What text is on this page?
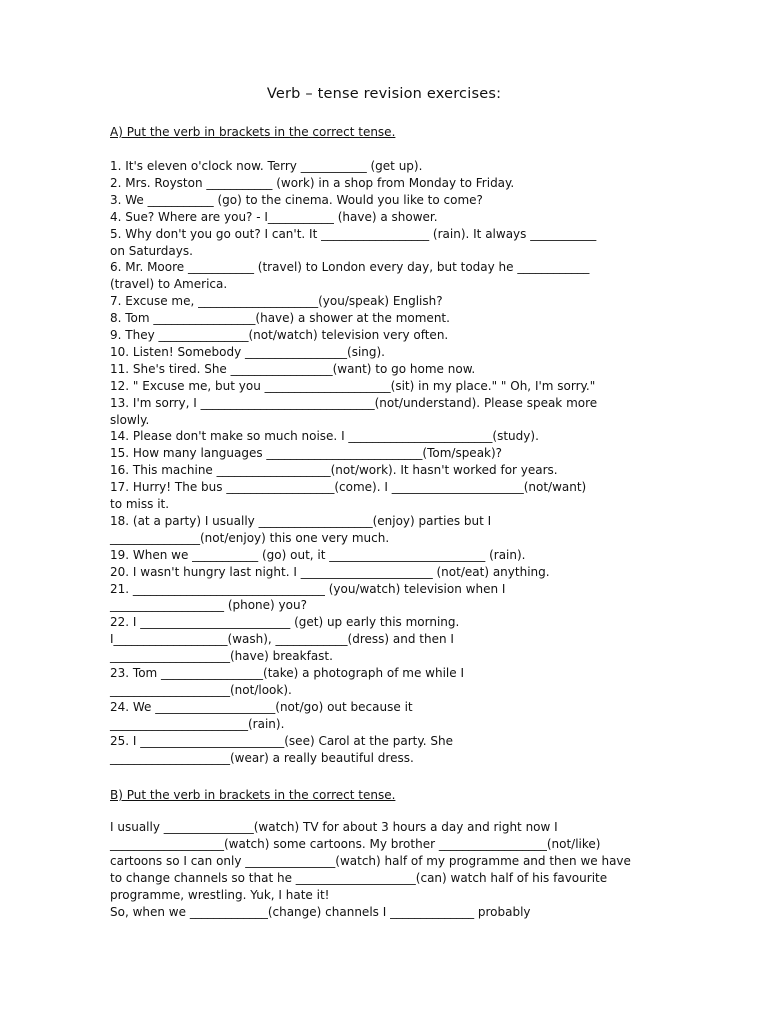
Verb – tense revision exercises:
A) Put the verb in brackets in the correct tense.
1. It's eleven o'clock now. Terry ___________ (get up).
2. Mrs. Royston ___________ (work) in a shop from Monday to Friday.
3. We ___________ (go) to the cinema. Would you like to come?
4. Sue? Where are you? - I___________ (have) a shower.
5. Why don't you go out? I can't. It __________________ (rain). It always ___________
on Saturdays.
6. Mr. Moore ___________ (travel) to London every day, but today he ____________
(travel) to America.
7. Excuse me, ____________________(you/speak) English?
8. Tom _________________(have) a shower at the moment.
9. They _______________(not/watch) television very often.
10. Listen! Somebody _________________(sing).
11. She's tired. She _________________(want) to go home now.
12. " Excuse me, but you _____________________(sit) in my place." " Oh, I'm sorry."
13. I'm sorry, I _____________________________(not/understand). Please speak more
slowly.
14. Please don't make so much noise. I ________________________(study).
15. How many languages __________________________(Tom/speak)?
16. This machine ___________________(not/work). It hasn't worked for years.
17. Hurry! The bus __________________(come). I ______________________(not/want)
to miss it.
18. (at a party) I usually ___________________(enjoy) parties but I
_______________(not/enjoy) this one very much.
19. When we ___________ (go) out, it __________________________ (rain).
20. I wasn't hungry last night. I ______________________ (not/eat) anything.
21. ________________________________ (you/watch) television when I
___________________ (phone) you?
22. I _________________________ (get) up early this morning.
I___________________(wash), ____________(dress) and then I
____________________(have) breakfast.
23. Tom _________________(take) a photograph of me while I
____________________(not/look).
24. We ____________________(not/go) out because it
_______________________(rain).
25. I ________________________(see) Carol at the party. She
____________________(wear) a really beautiful dress.
B) Put the verb in brackets in the correct tense.
I usually _______________(watch) TV for about 3 hours a day and right now I
___________________(watch) some cartoons. My brother __________________(not/like)
cartoons so I can only _______________(watch) half of my programme and then we have
to change channels so that he ____________________(can) watch half of his favourite
programme, wrestling. Yuk, I hate it!
So, when we _____________(change) channels I ______________ probably
